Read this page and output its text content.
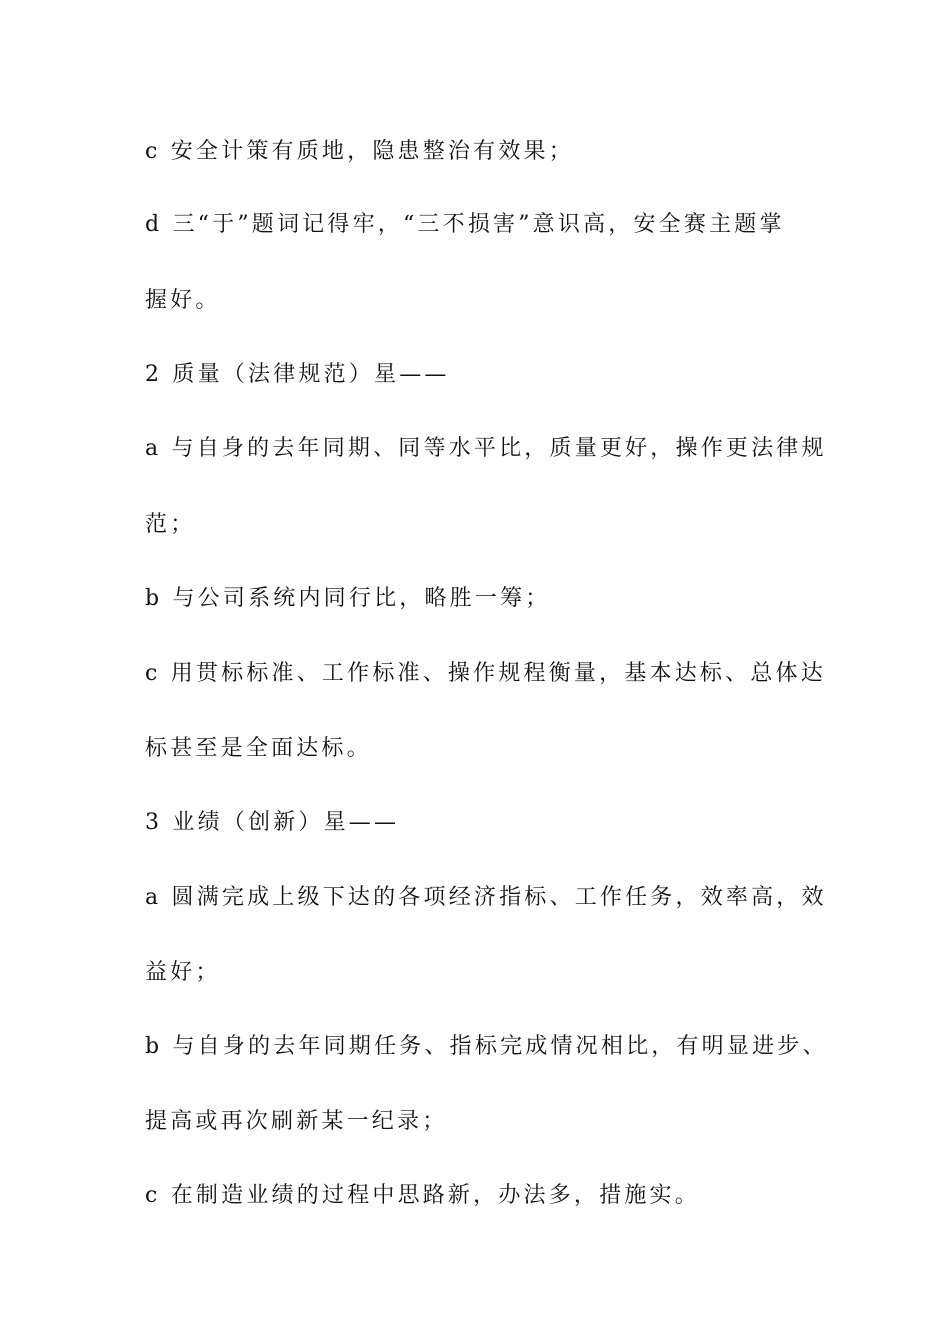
c 安全计策有质地，隐患整治有效果；
d 三“于”题词记得牢，“三不损害”意识高，安全赛主题掌
握好。
2 质量（法律规范）星——
a 与自身的去年同期、同等水平比，质量更好，操作更法律规
范；
b 与公司系统内同行比，略胜一筹；
c 用贯标标准、工作标准、操作规程衡量，基本达标、总体达
标甚至是全面达标。
3 业绩（创新）星——
a 圆满完成上级下达的各项经济指标、工作任务，效率高，效
益好；
b 与自身的去年同期任务、指标完成情况相比，有明显进步、
提高或再次刷新某一纪录；
c 在制造业绩的过程中思路新，办法多，措施实。
